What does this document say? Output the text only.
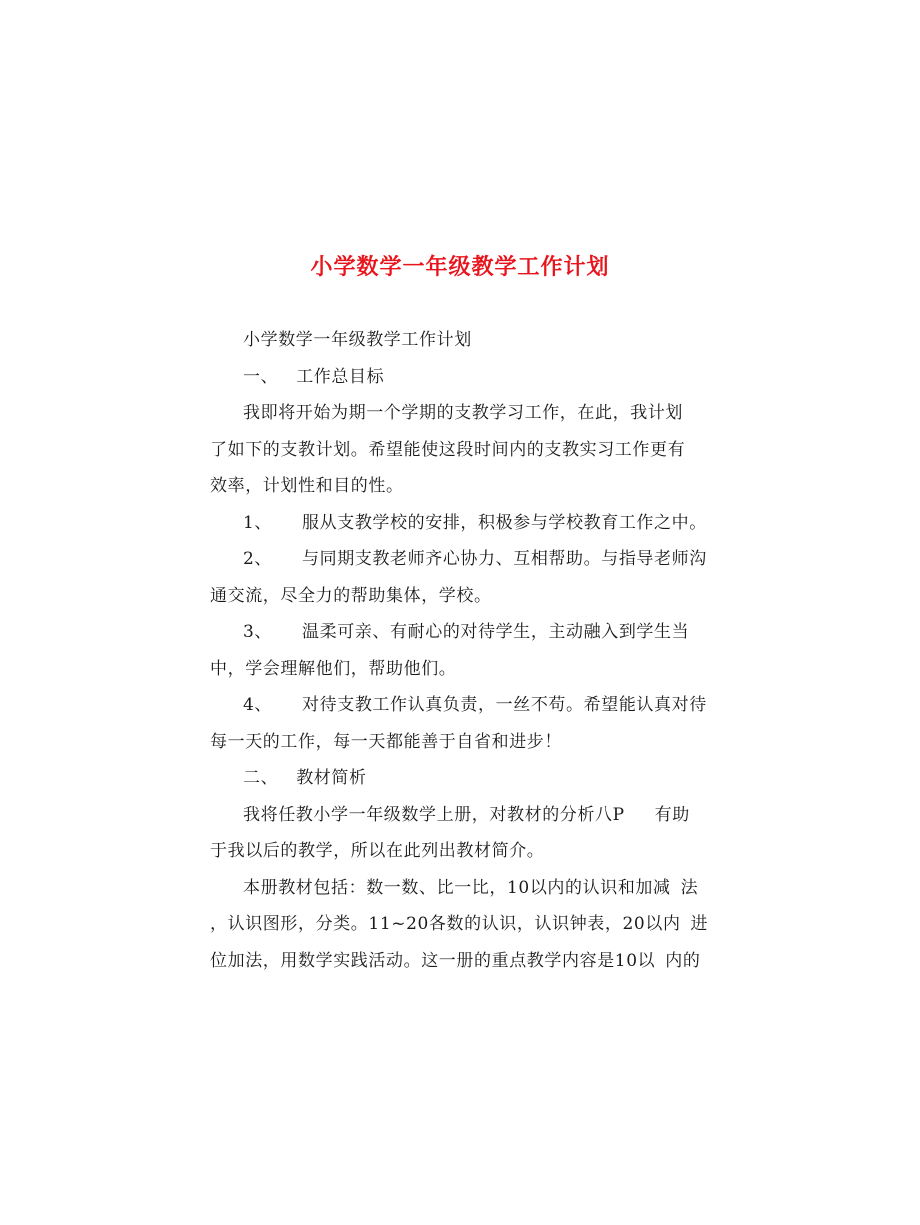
小学数学一年级教学工作计划
小学数学一年级教学工作计划
一、 工作总目标
我即将开始为期一个学期的支教学习工作，在此，我计划
了如下的支教计划。希望能使这段时间内的支教实习工作更有
效率，计划性和目的性。
1、 服从支教学校的安排，积极参与学校教育工作之中。
2、 与同期支教老师齐心协力、互相帮助。与指导老师沟
通交流，尽全力的帮助集体，学校。
3、 温柔可亲、有耐心的对待学生，主动融入到学生当
中，学会理解他们，帮助他们。
4、 对待支教工作认真负责，一丝不苟。希望能认真对待
每一天的工作，每一天都能善于自省和进步！
二、 教材简析
我将任教小学一年级数学上册，对教材的分析八P 有助
于我以后的教学，所以在此列出教材简介。
本册教材包括：数一数、比一比，10以内的认识和加减 法
，认识图形，分类。11~20各数的认识，认识钟表，20以内 进
位加法，用数学实践活动。这一册的重点教学内容是10以 内的
